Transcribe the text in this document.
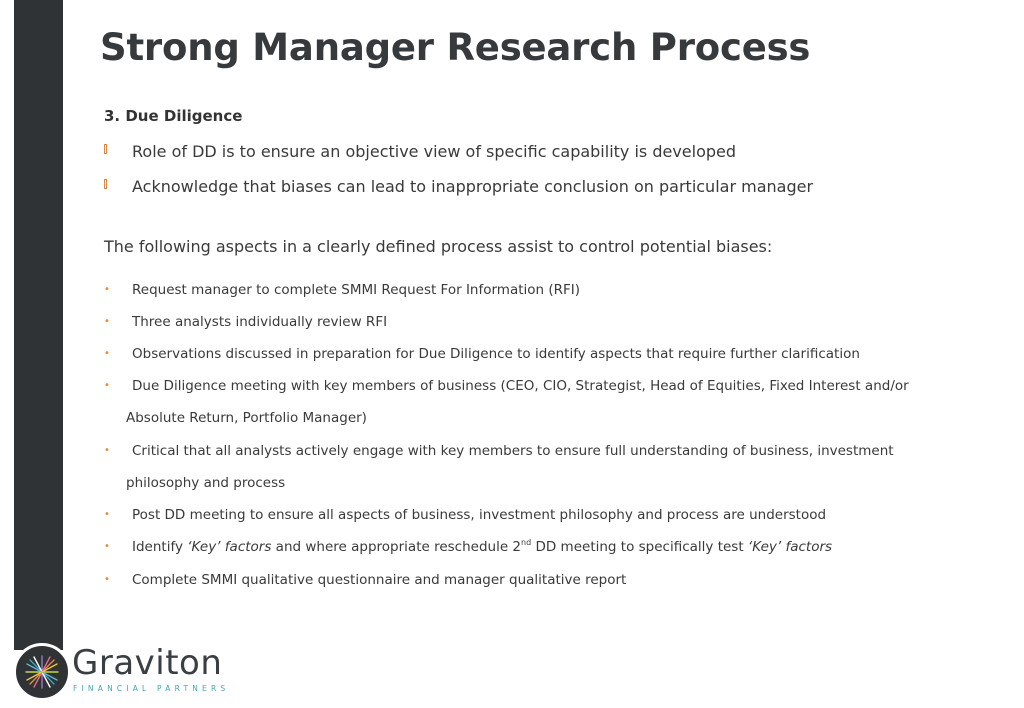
Strong Manager Research Process
3. Due Diligence
Role of DD is to ensure an objective view of specific capability is developed
Acknowledge that biases can lead to inappropriate conclusion on particular manager
The following aspects in a clearly defined process assist to control potential biases:
•	Request manager to complete SMMI Request For Information (RFI)
•	Three analysts individually review RFI
•	Observations discussed in preparation for Due Diligence to identify aspects that require further clarification
•	Due Diligence meeting with key members of business (CEO, CIO, Strategist, Head of Equities, Fixed Interest and/or
Absolute Return, Portfolio Manager)
•	Critical that all analysts actively engage with key members to ensure full understanding of business, investment
philosophy and process
•	Post DD meeting to ensure all aspects of business, investment philosophy and process are understood
•	Identify ‘Key’ factors and where appropriate reschedule 2nd DD meeting to specifically test ‘Key’ factors
•	Complete SMMI qualitative questionnaire and manager qualitative report
Graviton
FINANCIAL PARTNERS
